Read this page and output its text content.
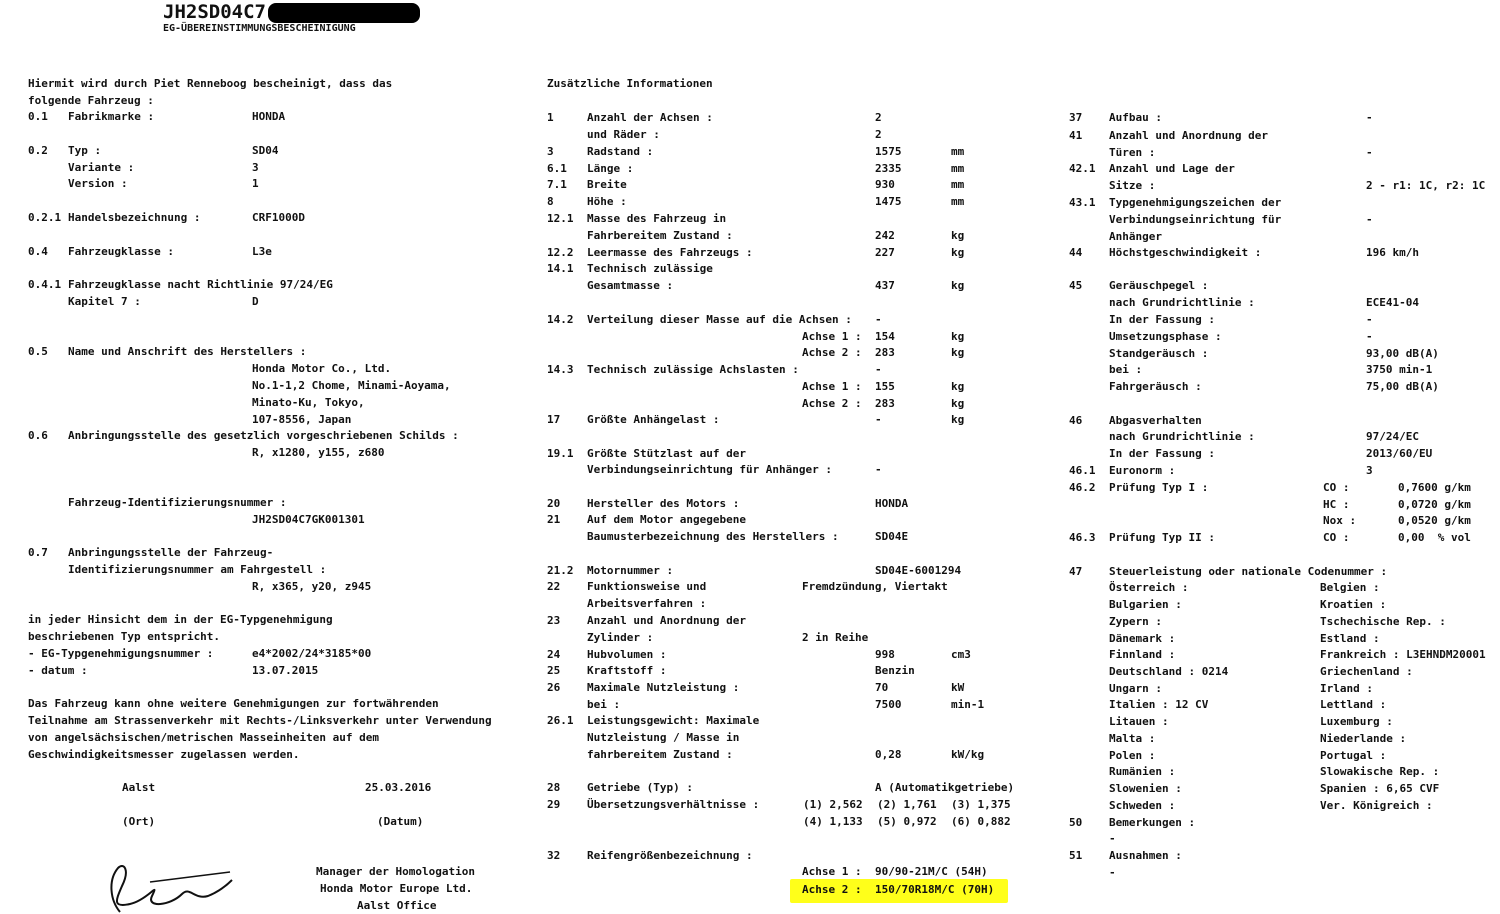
JH2SD04C7
EG-ÜBEREINSTIMMUNGSBESCHEINIGUNG
Hiermit wird durch Piet Renneboog bescheinigt, dass das
folgende Fahrzeug :
0.1 Fabrikmarke :	HONDA
0.2 Typ :	SD04
Variante :	3
Version :	1
0.2.1 Handelsbezeichnung :	CRF1000D
0.4 Fahrzeugklasse :	L3e
0.4.1 Fahrzeugklasse nacht Richtlinie 97/24/EG
Kapitel 7 :	D
0.5 Name und Anschrift des Herstellers :
Honda Motor Co., Ltd.
No.1-1,2 Chome, Minami-Aoyama,
Minato-Ku, Tokyo,
107-8556, Japan
0.6 Anbringungsstelle des gesetzlich vorgeschriebenen Schilds :
R, x1280, y155, z680
Fahrzeug-Identifizierungsnummer :
JH2SD04C7GK001301
0.7 Anbringungsstelle der Fahrzeug-
Identifizierungsnummer am Fahrgestell :
R, x365, y20, z945
in jeder Hinsicht dem in der EG-Typgenehmigung
beschriebenen Typ entspricht.
- EG-Typgenehmigungsnummer :	e4*2002/24*3185*00
- datum :	13.07.2015
Das Fahrzeug kann ohne weitere Genehmigungen zur fortwährenden
Teilnahme am Strassenverkehr mit Rechts-/Linksverkehr unter Verwendung
von angelsächsischen/metrischen Masseinheiten auf dem
Geschwindigkeitsmesser zugelassen werden.
Aalst	25.03.2016
(Ort)	(Datum)
Manager der Homologation
Honda Motor Europe Ltd.
Aalst Office
Zusätzliche Informationen
1	Anzahl der Achsen :	2
und Räder :	2
3	Radstand :	1575	mm
6.1 Länge :	2335	mm
7.1 Breite	930	mm
8	Höhe :	1475	mm
12.1 Masse des Fahrzeug in
Fahrbereitem Zustand :	242	kg
12.2 Leermasse des Fahrzeugs :	227	kg
14.1 Technisch zulässige
Gesamtmasse :	437	kg
14.2 Verteilung dieser Masse auf die Achsen : -
Achse 1 : 154	kg
Achse 2 : 283	kg
14.3 Technisch zulässige Achslasten :	-
Achse 1 : 155	kg
Achse 2 : 283	kg
17 Größte Anhängelast :	-	kg
19.1 Größte Stützlast auf der
Verbindungseinrichtung für Anhänger :	-
20 Hersteller des Motors :	HONDA
21 Auf dem Motor angegebene
Baumusterbezeichnung des Herstellers :	SD04E
21.2 Motornummer :	SD04E-6001294
22 Funktionsweise und	Fremdzündung, Viertakt
Arbeitsverfahren :
23 Anzahl und Anordnung der
Zylinder :	2 in Reihe
24 Hubvolumen :	998	cm3
25 Kraftstoff :	Benzin
26 Maximale Nutzleistung :	70	kW
bei :	7500	min-1
26.1 Leistungsgewicht: Maximale
Nutzleistung / Masse in
fahrbereitem Zustand :	0,28	kW/kg
28 Getriebe (Typ) :	A (Automatikgetriebe)
29 Übersetzungsverhältnisse :	(1) 2,562 (2) 1,761 (3) 1,375
(4) 1,133 (5) 0,972 (6) 0,882
32 Reifengrößenbezeichnung :
Achse 1 : 90/90-21M/C (54H)
Achse 2 : 150/70R18M/C (70H)
37 Aufbau :	-
41 Anzahl und Anordnung der
Türen :	-
42.1 Anzahl und Lage der
Sitze :	2 - r1: 1C, r2: 1C
43.1 Typgenehmigungszeichen der
Verbindungseinrichtung für	-
Anhänger
44 Höchstgeschwindigkeit :	196 km/h
45 Geräuschpegel :
nach Grundrichtlinie :	ECE41-04
In der Fassung :	-
Umsetzungsphase :	-
Standgeräusch :	93,00 dB(A)
bei :	3750 min-1
Fahrgeräusch :	75,00 dB(A)
46 Abgasverhalten
nach Grundrichtlinie :	97/24/EC
In der Fassung :	2013/60/EU
46.1 Euronorm :	3
46.2 Prüfung Typ I :	CO :	0,7600 g/km
HC :	0,0720 g/km
Nox :	0,0520 g/km
46.3 Prüfung Typ II :	CO :	0,00  % vol
47 Steuerleistung oder nationale Codenummer :
Österreich :	Belgien :
Bulgarien :	Kroatien :
Zypern :	Tschechische Rep. :
Dänemark :	Estland :
Finnland :	Frankreich : L3EHNDM20001
Deutschland : 0214	Griechenland :
Ungarn :	Irland :
Italien : 12 CV	Lettland :
Litauen :	Luxemburg :
Malta :	Niederlande :
Polen :	Portugal :
Rumänien :	Slowakische Rep. :
Slowenien :	Spanien : 6,65 CVF
Schweden :	Ver. Königreich :
50 Bemerkungen :
-
51 Ausnahmen :
-
